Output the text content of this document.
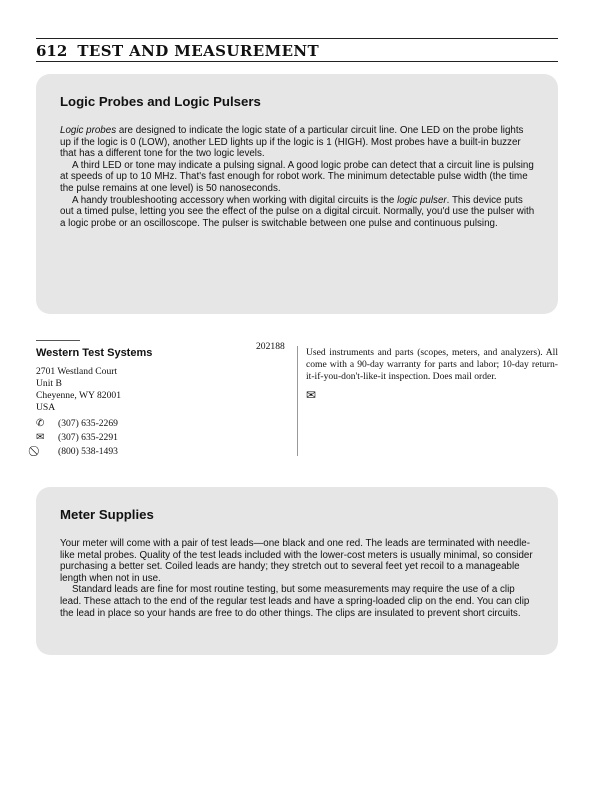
612 TEST AND MEASUREMENT
Logic Probes and Logic Pulsers

Logic probes are designed to indicate the logic state of a particular circuit line. One LED on the probe lights up if the logic is 0 (LOW), another LED lights up if the logic is 1 (HIGH). Most probes have a built-in buzzer that has a different tone for the two logic levels.

A third LED or tone may indicate a pulsing signal. A good logic probe can detect that a circuit line is pulsing at speeds of up to 10 MHz. That's fast enough for robot work. The minimum detectable pulse width (the time the pulse remains at one level) is 50 nanoseconds.

A handy troubleshooting accessory when working with digital circuits is the logic pulser. This device puts out a timed pulse, letting you see the effect of the pulse on a digital circuit. Normally, you'd use the pulser with a logic probe or an oscilloscope. The pulser is switchable between one pulse and continuous pulsing.

Western Test Systems
2701 Westland Court
Unit B
Cheyenne, WY 82001
USA
✆	(307) 635-2269
✉	(307) 635-2291
(800) 538-1493
202188
Used instruments and parts (scopes, meters, and analyzers). All come with a 90-day warranty for parts and labor; 10-day return-it-if-you-don't-like-it inspection. Does mail order.
✉
Meter Supplies

Your meter will come with a pair of test leads—one black and one red. The leads are terminated with needle-like metal probes. Quality of the test leads included with the lower-cost meters is usually minimal, so consider purchasing a better set. Coiled leads are handy; they stretch out to several feet yet recoil to a manageable length when not in use.

Standard leads are fine for most routine testing, but some measurements may require the use of a clip lead. These attach to the end of the regular test leads and have a spring-loaded clip on the end. You can clip the lead in place so your hands are free to do other things. The clips are insulated to prevent short circuits.
